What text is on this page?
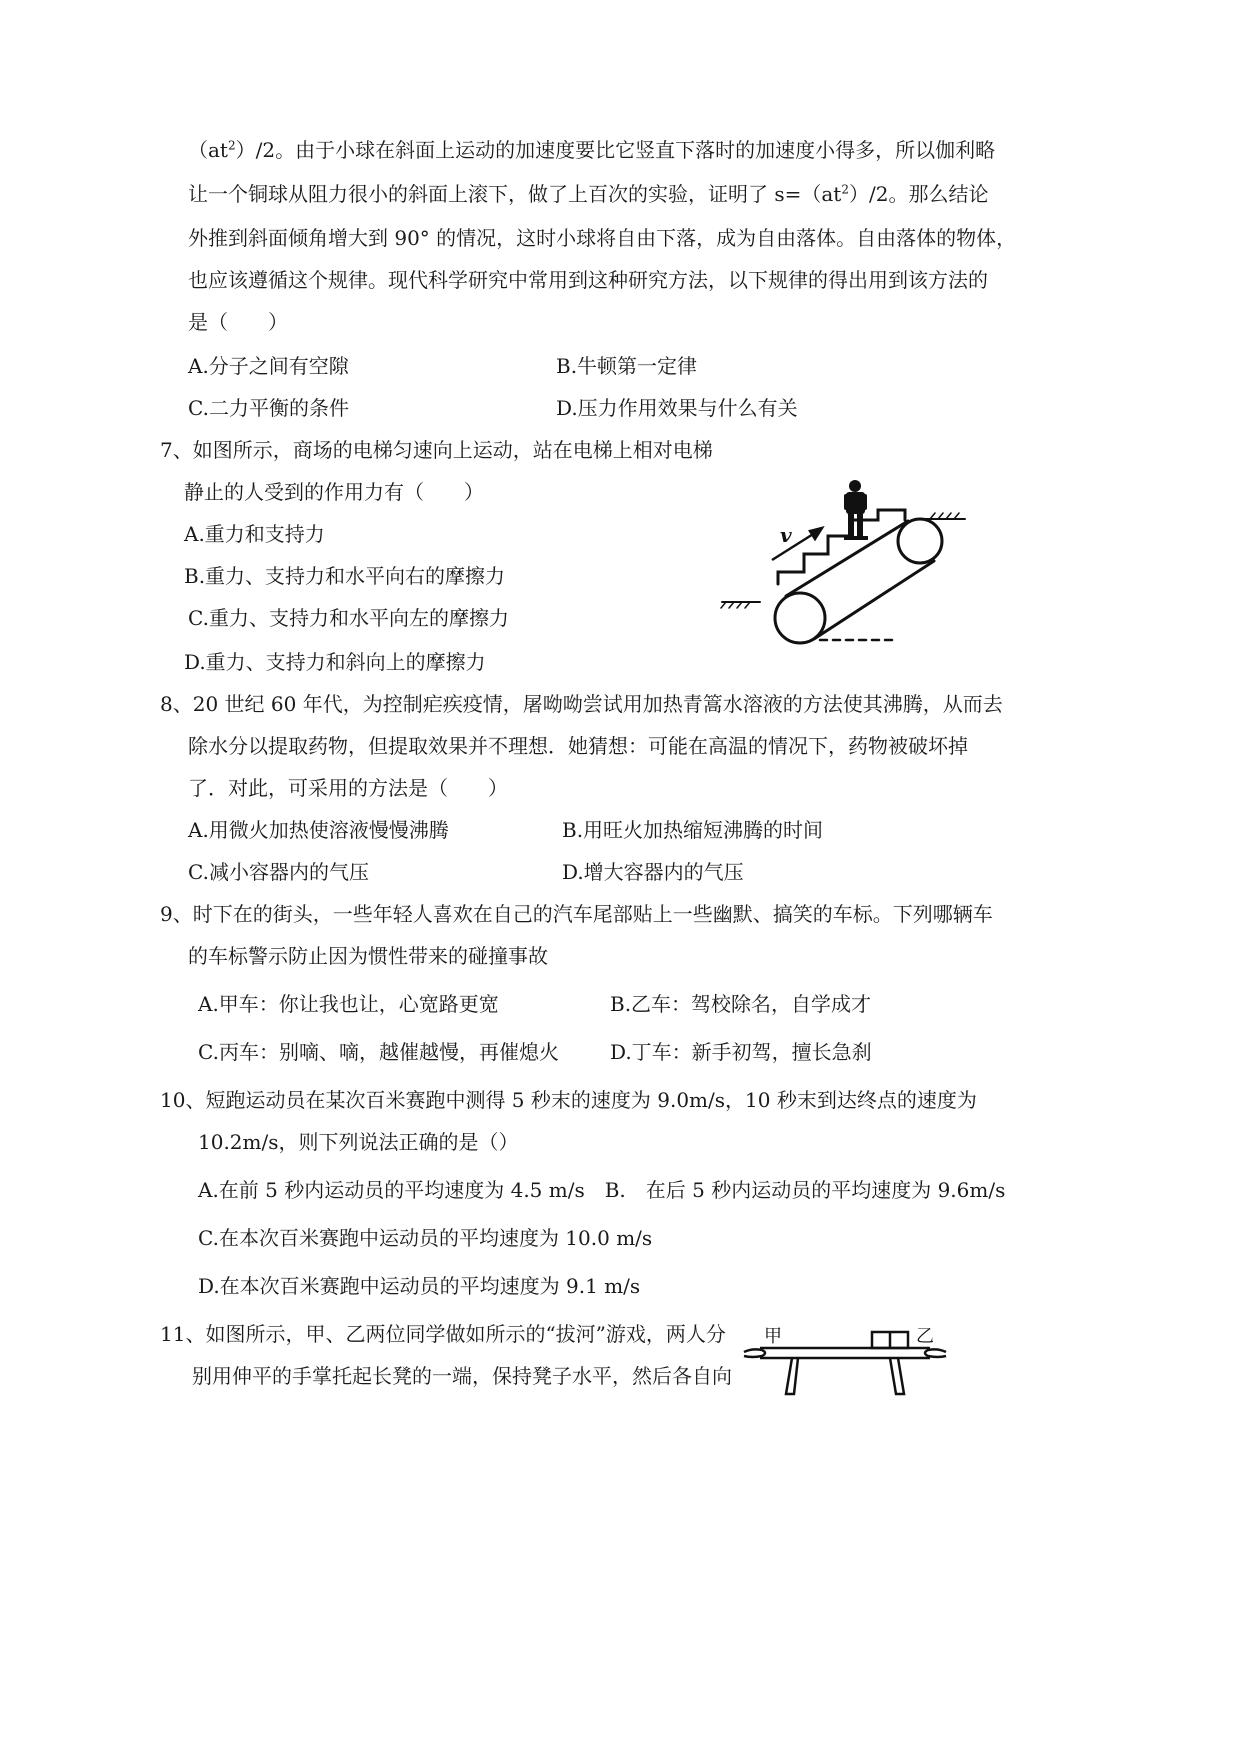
$(at^2)/2$。由于小球在斜面上运动的加速度要比它竖直下落时的加速度小得多，所以伽利略
让一个铜球从阻力很小的斜面上滚下，做了上百次的实验，证明了 $s=(at^2)/2$。那么结论
外推到斜面倾角增大到 90° 的情况，这时小球将自由下落，成为自由落体。自由落体的物体，
也应该遵循这个规律。现代科学研究中常用到这种研究方法，以下规律的得出用到该方法的
是（　　）
A.分子之间有空隙	B.牛顿第一定律
C.二力平衡的条件	D.压力作用效果与什么有关
7、如图所示，商场的电梯匀速向上运动，站在电梯上相对电梯
静止的人受到的作用力有（　　）
A.重力和支持力
B.重力、支持力和水平向右的摩擦力
C.重力、支持力和水平向左的摩擦力
D.重力、支持力和斜向上的摩擦力
v
8、20 世纪 60 年代，为控制疟疾疫情，屠呦呦尝试用加热青篙水溶液的方法使其沸腾，从而去
除水分以提取药物，但提取效果并不理想．她猜想：可能在高温的情况下，药物被破坏掉
了．对此，可采用的方法是（　　）
A.用微火加热使溶液慢慢沸腾	B.用旺火加热缩短沸腾的时间
C.减小容器内的气压	D.增大容器内的气压
9、时下在的街头，一些年轻人喜欢在自己的汽车尾部贴上一些幽默、搞笑的车标。下列哪辆车
的车标警示防止因为惯性带来的碰撞事故
A.甲车：你让我也让，心宽路更宽	B.乙车：驾校除名，自学成才
C.丙车：别嘀、嘀，越催越慢，再催熄火	D.丁车：新手初驾，擅长急刹
10、短跑运动员在某次百米赛跑中测得 5 秒末的速度为 9.0m/s，10 秒末到达终点的速度为
10.2m/s，则下列说法正确的是（）
A.在前 5 秒内运动员的平均速度为 4.5 m/s　B.　在后 5 秒内运动员的平均速度为 9.6m/s
C.在本次百米赛跑中运动员的平均速度为 10.0 m/s
D.在本次百米赛跑中运动员的平均速度为 9.1 m/s
11、如图所示，甲、乙两位同学做如所示的“拔河”游戏，两人分
别用伸平的手掌托起长凳的一端，保持凳子水平，然后各自向
甲	乙
